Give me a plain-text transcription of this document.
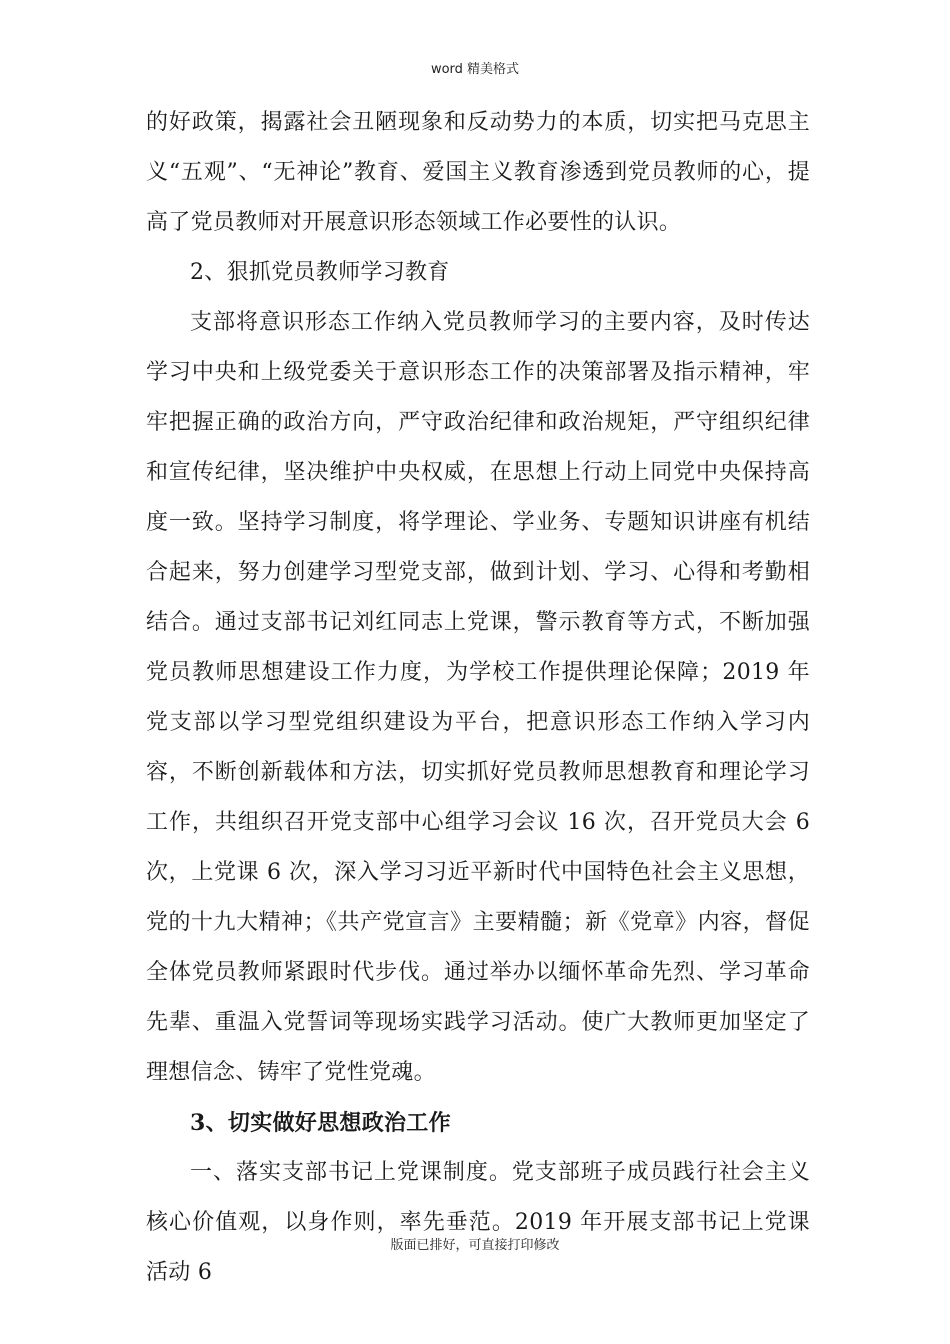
word 精美格式

的好政策，揭露社会丑陋现象和反动势力的本质，切实把马克思主义“五观”、“无神论”教育、爱国主义教育渗透到党员教师的心，提高了党员教师对开展意识形态领域工作必要性的认识。

2、狠抓党员教师学习教育

支部将意识形态工作纳入党员教师学习的主要内容，及时传达学习中央和上级党委关于意识形态工作的决策部署及指示精神，牢牢把握正确的政治方向，严守政治纪律和政治规矩，严守组织纪律和宣传纪律，坚决维护中央权威，在思想上行动上同党中央保持高度一致。坚持学习制度，将学理论、学业务、专题知识讲座有机结合起来，努力创建学习型党支部，做到计划、学习、心得和考勤相结合。通过支部书记刘红同志上党课，警示教育等方式，不断加强党员教师思想建设工作力度，为学校工作提供理论保障；2019 年党支部以学习型党组织建设为平台，把意识形态工作纳入学习内容，不断创新载体和方法，切实抓好党员教师思想教育和理论学习工作，共组织召开党支部中心组学习会议 16 次，召开党员大会 6 次，上党课 6 次，深入学习习近平新时代中国特色社会主义思想，党的十九大精神；《共产党宣言》主要精髓；新《党章》内容，督促全体党员教师紧跟时代步伐。通过举办以缅怀革命先烈、学习革命先辈、重温入党誓词等现场实践学习活动。使广大教师更加坚定了理想信念、铸牢了党性党魂。

3、切实做好思想政治工作

一、落实支部书记上党课制度。党支部班子成员践行社会主义核心价值观，以身作则，率先垂范。2019 年开展支部书记上党课活动 6

版面已排好，可直接打印修改
